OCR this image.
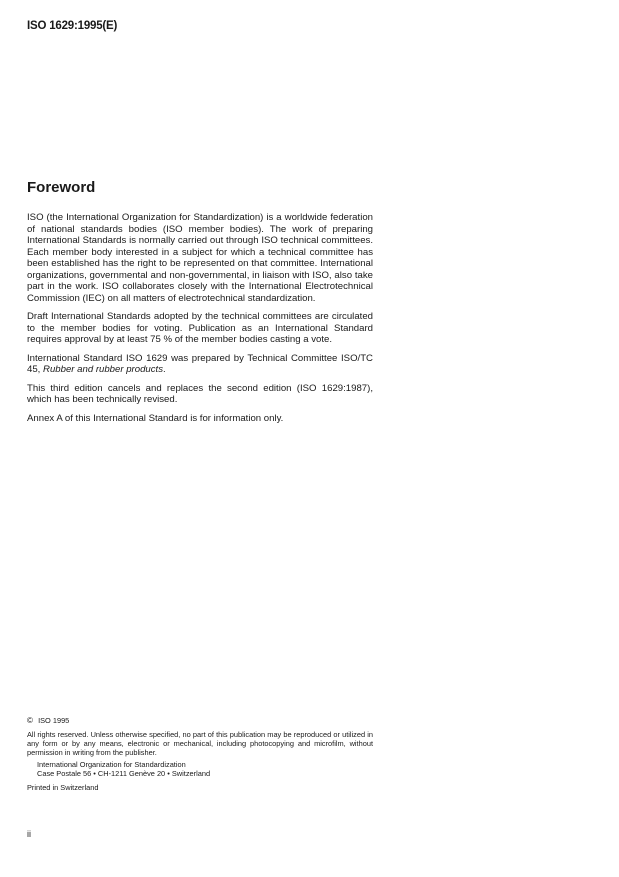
ISO 1629:1995(E)
Foreword

ISO (the International Organization for Standardization) is a worldwide federation of national standards bodies (ISO member bodies). The work of preparing International Standards is normally carried out through ISO technical committees. Each member body interested in a subject for which a technical committee has been established has the right to be represented on that committee. International organizations, governmental and non-governmental, in liaison with ISO, also take part in the work. ISO collaborates closely with the International Electrotechnical Commission (IEC) on all matters of electrotechnical standardization.

Draft International Standards adopted by the technical committees are circulated to the member bodies for voting. Publication as an International Standard requires approval by at least 75 % of the member bodies casting a vote.

International Standard ISO 1629 was prepared by Technical Committee ISO/TC 45, Rubber and rubber products.

This third edition cancels and replaces the second edition (ISO 1629:1987), which has been technically revised.

Annex A of this International Standard is for information only.

© ISO 1995
All rights reserved. Unless otherwise specified, no part of this publication may be reproduced or utilized in any form or by any means, electronic or mechanical, including photocopying and microfilm, without permission in writing from the publisher.
International Organization for Standardization
Case Postale 56 • CH-1211 Genève 20 • Switzerland
Printed in Switzerland
ii
